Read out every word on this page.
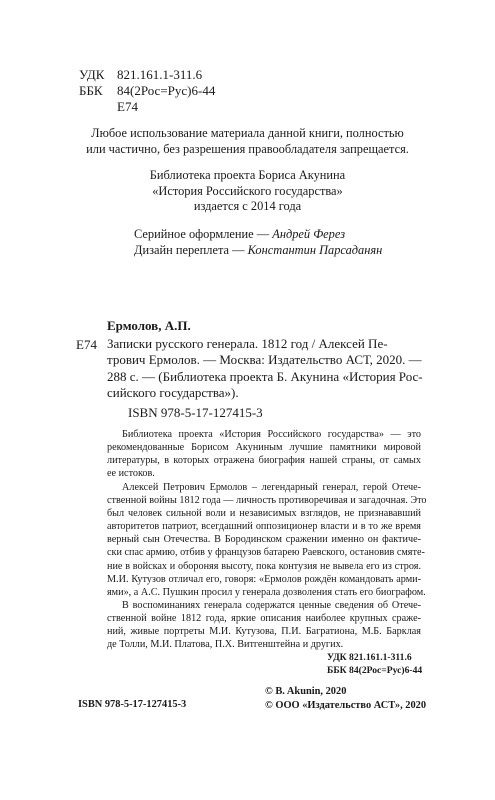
УДК 821.161.1-311.6
ББК	84(2Рос=Рус)6-44
Е74
Любое использование материала данной книги, полностью
или частично, без разрешения правообладателя запрещается.
Библиотека проекта Бориса Акунина
«История Российского государства»
издается с 2014 года
Серийное оформление — Андрей Ферез
Дизайн переплета — Константин Парсаданян
Ермолов, А.П.
Е74 Записки русского генерала. 1812 год / Алексей Пе-
трович Ермолов. — Москва: Издательство АСТ, 2020. —
288 с. — (Библиотека проекта Б. Акунина «История Рос-
сийского государства»).
ISBN 978-5-17-127415-3
Библиотека проекта «История Российского государства» — это
рекомендованные Борисом Акуниным лучшие памятники мировой
литературы, в которых отражена биография нашей страны, от самых
ее истоков.
Алексей Петрович Ермолов – легендарный генерал, герой Отече-
ственной войны 1812 года — личность противоречивая и загадочная. Это
был человек сильной воли и независимых взглядов, не признававший
авторитетов патриот, всегдашний оппозиционер власти и в то же время
верный сын Отечества. В Бородинском сражении именно он фактиче-
ски спас армию, отбив у французов батарею Раевского, остановив смяте-
ние в войсках и обороняя высоту, пока контузия не вывела его из строя.
М.И. Кутузов отличал его, говоря: «Ермолов рождён командовать арми-
ями», а А.С. Пушкин просил у генерала дозволения стать его биографом.
В воспоминаниях генерала содержатся ценные сведения об Отече-
ственной войне 1812 года, яркие описания наиболее крупных сраже-
ний, живые портреты М.И. Кутузова, П.И. Багратиона, М.Б. Барклая
де Толли, М.И. Платова, П.Х. Витгенштейна и других.
УДК 821.161.1-311.6
ББК 84(2Рос=Рус)6-44
© B. Akunin, 2020
© ООО «Издательство АСТ», 2020
ISBN 978-5-17-127415-3
